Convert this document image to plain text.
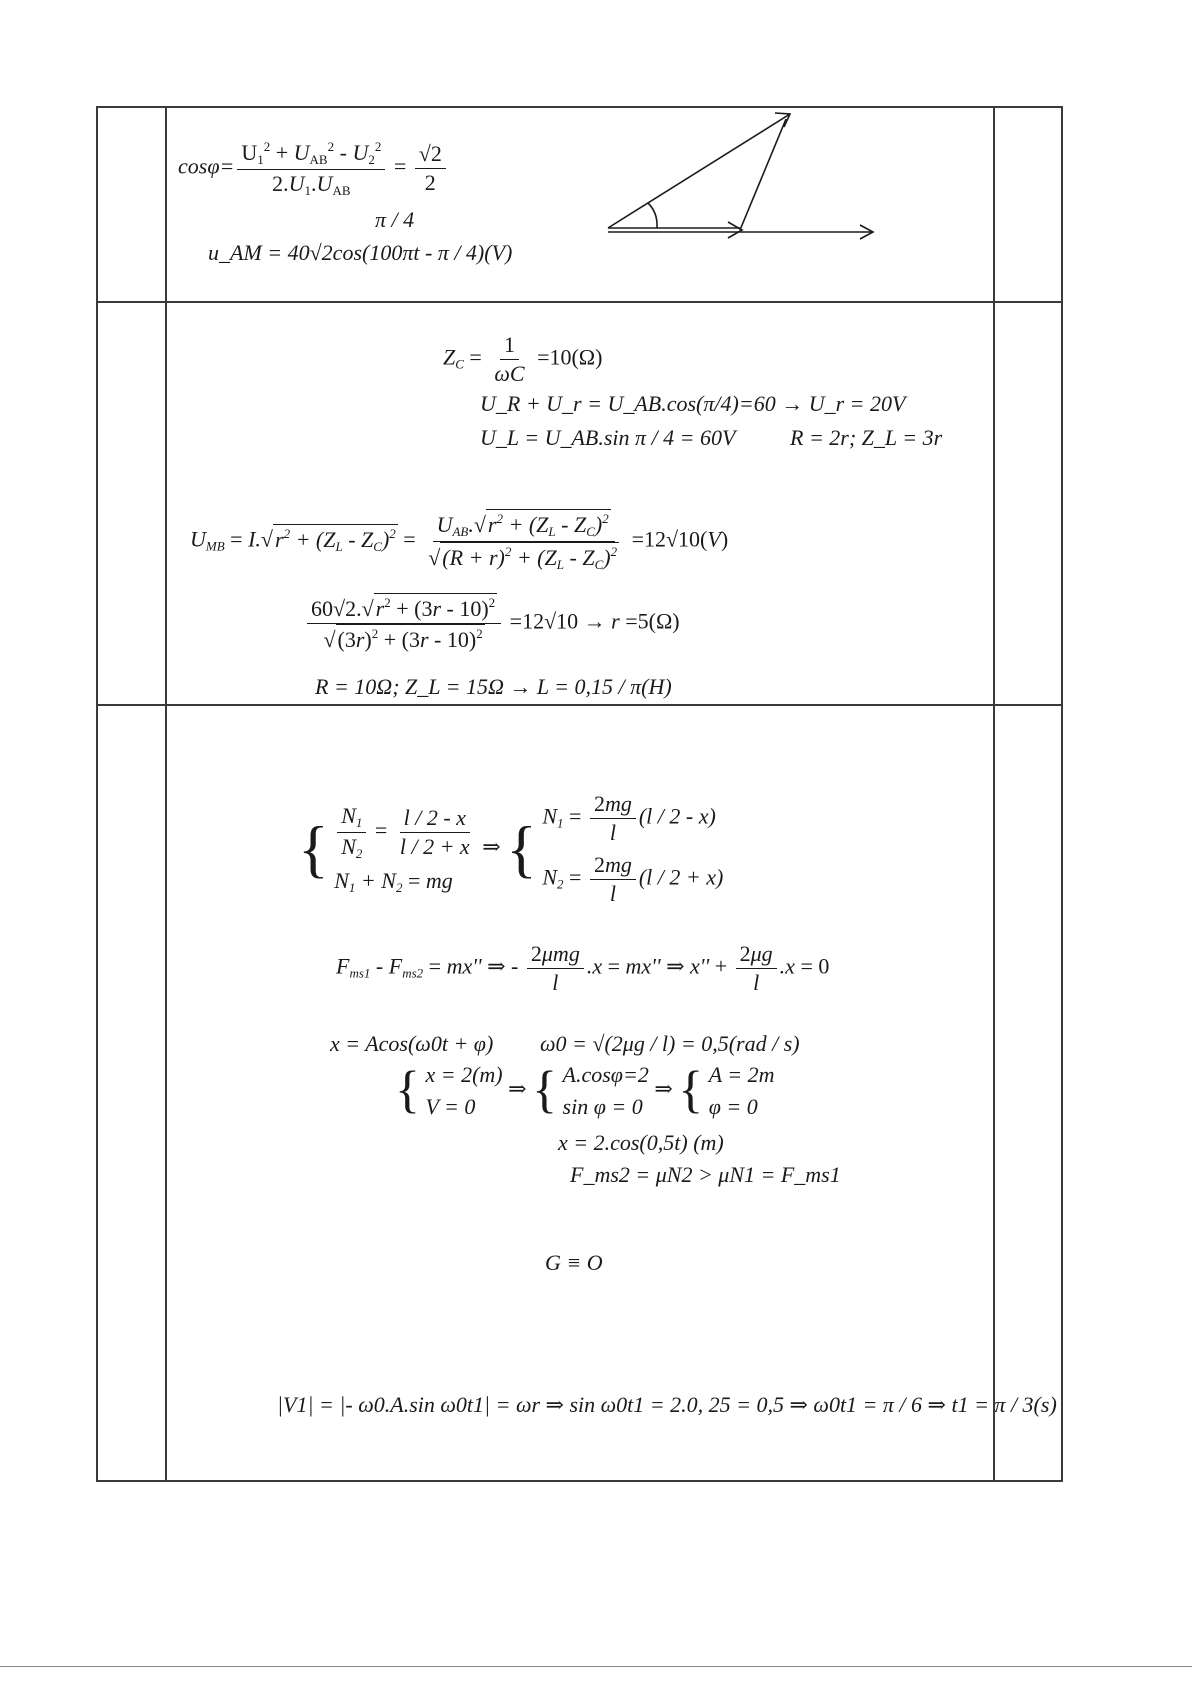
$\cos\varphi= \frac{U_1^2 + U_{AB}^2 - U_2^2}{2.U_1.U_{AB}} = \frac{√2}{2}$
π / 4
u_AM = 40√2cos(100πt - π / 4)(V)
$Z_C = \frac{1}{\omega C} =10(\Omega)$
U_R + U_r = U_AB.cos(π/4)=60 → U_r = 20V
U_L = U_AB.sin π / 4 = 60V R = 2r; Z_L = 3r
$U_{MB} = I.√r^2 + (Z_L - Z_C)^2 = \frac{U_{AB}.√r^2 + (Z_L - Z_C)^2}{√(R + r)^2 + (Z_L - Z_C)^2} =12√10(V)$
$\frac{60√2.√r^2 + (3r - 10)^2}{√(3r)^2 + (3r - 10)^2} =12√10 \to r =5(\Omega)$
R = 10Ω; Z_L = 15Ω → L = 0,15 / π(H)
{ $\frac{N_1}{N_2} = \frac{l / 2 - x}{l / 2 + x}$
$N_1 + N_2$ = mg
⇒ { $N_1 = \frac{2mg}{l} (l / 2 - x)$
$N_2 = \frac{2mg}{l} (l / 2 + x)$
$F_{ms1} - F_{ms2} = mx''$ ⇒ - $\frac{\text{2μmg}}{l} .x = mx''$ ⇒ $x'' + \frac{2\mu g}{l} .x = 0$
x = Acos(ω0t + φ) ω0 = √(2μg / l) = 0,5(rad / s)
{ x = 2(m)
V = 0
⇒ { A.cosφ=2
sin φ = 0
⇒ { A = 2m
φ = 0
x = 2.cos(0,5t) (m)
F_ms2 = μN2 > μN1 = F_ms1
G ≡ O
|V1| = |- ω0.A.sin ω0t1| = ωr ⇒ sin ω0t1 = 2.0, 25 = 0,5 ⇒ ω0t1 = π / 6 ⇒ t1 = π / 3(s)
